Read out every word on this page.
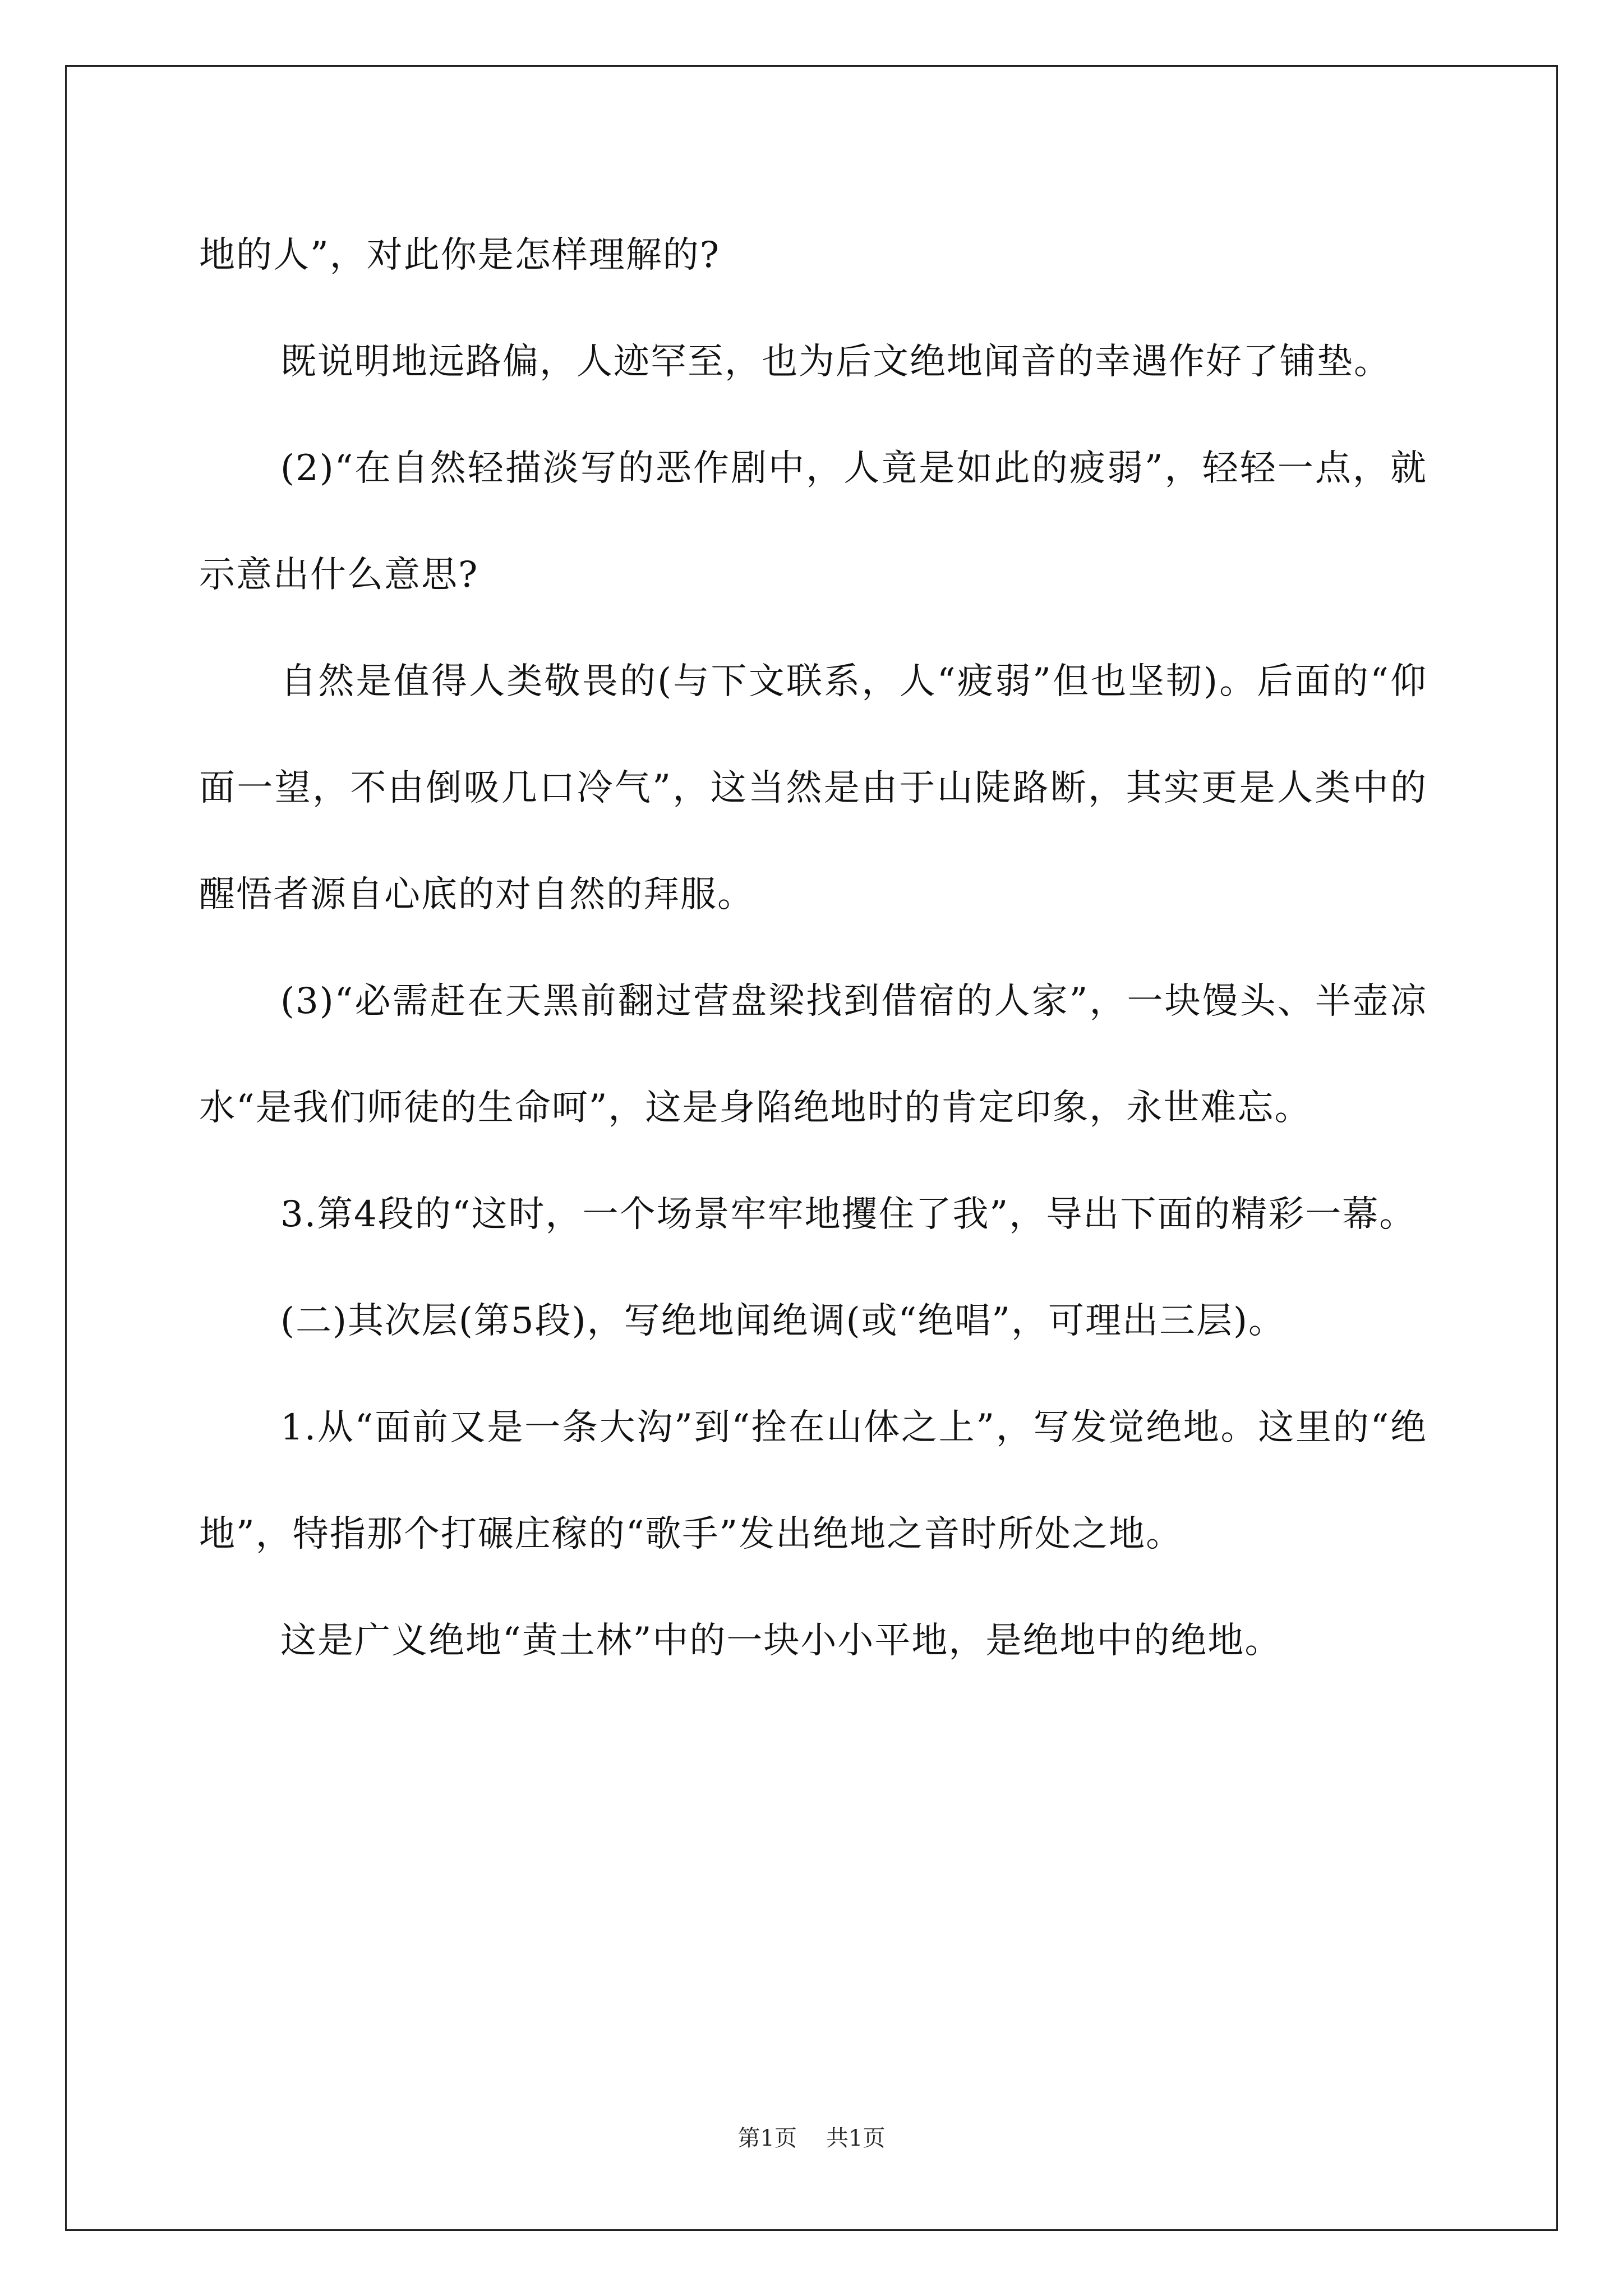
地的人”，对此你是怎样理解的?

既说明地远路偏，人迹罕至，也为后文绝地闻音的幸遇作好了铺垫。

(2)“在自然轻描淡写的恶作剧中，人竟是如此的疲弱”，轻轻一点，就示意出什么意思?

自然是值得人类敬畏的(与下文联系，人“疲弱”但也坚韧)。后面的“仰面一望，不由倒吸几口冷气”，这当然是由于山陡路断，其实更是人类中的醒悟者源自心底的对自然的拜服。

(3)“必需赶在天黑前翻过营盘梁找到借宿的人家”，一块馒头、半壶凉水“是我们师徒的生命呵”，这是身陷绝地时的肯定印象，永世难忘。

3.第4段的“这时，一个场景牢牢地攫住了我”，导出下面的精彩一幕。

(二)其次层(第5段)，写绝地闻绝调(或“绝唱”，可理出三层)。

1.从“面前又是一条大沟”到“拴在山体之上”，写发觉绝地。这里的“绝地”，特指那个打碾庄稼的“歌手”发出绝地之音时所处之地。

这是广义绝地“黄土林”中的一块小小平地，是绝地中的绝地。

第1页 共1页
